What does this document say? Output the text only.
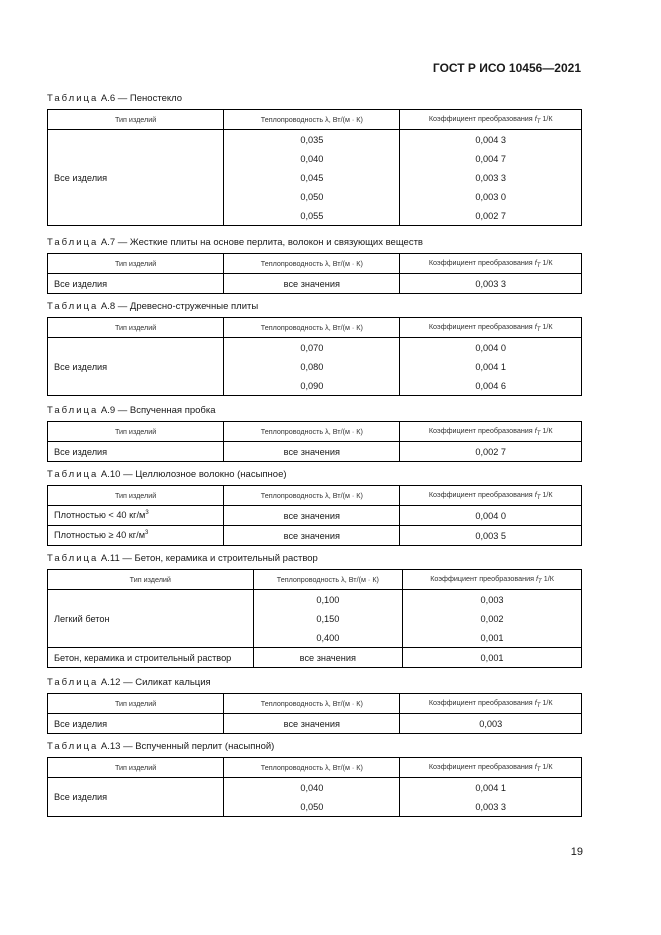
ГОСТ Р ИСО 10456—2021
Таблица А.6 — Пеностекло
Тип изделий	Теплопроводность λ, Вт/(м · К)	Коэффициент преобразования $f_T$ 1/К
Все изделия	0,035	0,004 3
	0,040	0,004 7
	0,045	0,003 3
	0,050	0,003 0
	0,055	0,002 7
Таблица А.7 — Жесткие плиты на основе перлита, волокон и связующих веществ
Тип изделий	Теплопроводность λ, Вт/(м · К)	Коэффициент преобразования $f_T$ 1/К
Все изделия	все значения	0,003 3
Таблица А.8 — Древесно-стружечные плиты
Тип изделий	Теплопроводность λ, Вт/(м · К)	Коэффициент преобразования $f_T$ 1/К
Все изделия	0,070	0,004 0
	0,080	0,004 1
	0,090	0,004 6
Таблица А.9 — Вспученная пробка
Тип изделий	Теплопроводность λ, Вт/(м · К)	Коэффициент преобразования $f_T$ 1/К
Все изделия	все значения	0,002 7
Таблица А.10 — Целлюлозное волокно (насыпное)
Тип изделий	Теплопроводность λ, Вт/(м · К)	Коэффициент преобразования $f_T$ 1/К
Плотностью < 40 $кг/м^3$	все значения	0,004 0
Плотностью ≥ 40 $кг/м^3$	все значения	0,003 5
Таблица А.11 — Бетон, керамика и строительный раствор
Тип изделий	Теплопроводность λ, Вт/(м · К)	Коэффициент преобразования $f_T$ 1/К
Легкий бетон	0,100	0,003
	0,150	0,002
	0,400	0,001
Бетон, керамика и строительный раствор	все значения	0,001
Таблица А.12 — Силикат кальция
Тип изделий	Теплопроводность λ, Вт/(м · К)	Коэффициент преобразования $f_T$ 1/К
Все изделия	все значения	0,003
Таблица А.13 — Вспученный перлит (насыпной)
Тип изделий	Теплопроводность λ, Вт/(м · К)	Коэффициент преобразования $f_T$ 1/К
Все изделия	0,040	0,004 1
	0,050	0,003 3
19
